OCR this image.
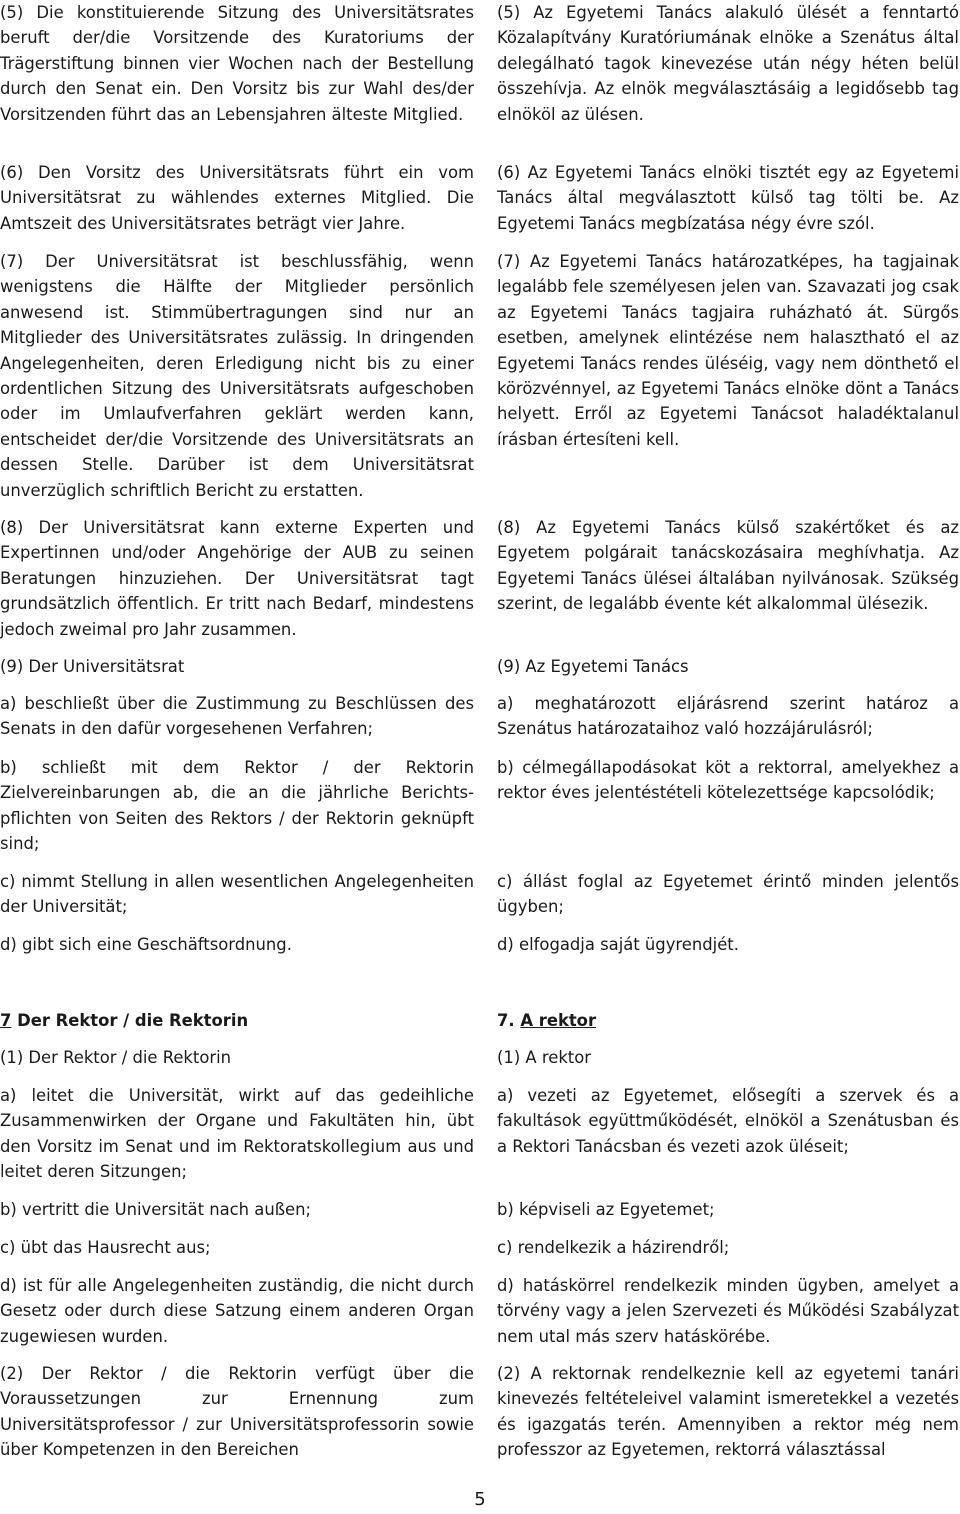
(5) Die konstituierende Sitzung des Universitätsrates beruft der/die Vorsitzende des Kuratoriums der Trägerstiftung binnen vier Wochen nach der Bestellung durch den Senat ein. Den Vorsitz bis zur Wahl des/der Vorsitzenden führt das an Lebensjahren älteste Mitglied.

(6) Den Vorsitz des Universitätsrats führt ein vom Universitätsrat zu wählendes externes Mitglied. Die Amtszeit des Universitätsrates beträgt vier Jahre.

(7) Der Universitätsrat ist beschlussfähig, wenn wenigstens die Hälfte der Mitglieder persönlich anwesend ist. Stimmübertragungen sind nur an Mitglieder des Universitätsrates zulässig. In dringenden Angelegenheiten, deren Erledigung nicht bis zu einer ordentlichen Sitzung des Universitätsrats aufgeschoben oder im Umlaufverfahren geklärt werden kann, entscheidet der/die Vorsitzende des Universitätsrats an dessen Stelle. Darüber ist dem Universitätsrat unverzüglich schriftlich Bericht zu erstatten.

(8) Der Universitätsrat kann externe Experten und Expertinnen und/oder Angehörige der AUB zu seinen Beratungen hinzuziehen. Der Universitätsrat tagt grundsätzlich öffentlich. Er tritt nach Bedarf, mindestens jedoch zweimal pro Jahr zusammen.

(9) Der Universitätsrat

a) beschließt über die Zustimmung zu Beschlüssen des Senats in den dafür vorgesehenen Verfahren;

b) schließt mit dem Rektor / der Rektorin Zielvereinbarungen ab, die an die jährliche Berichts-pflichten von Seiten des Rektors / der Rektorin geknüpft sind;

c) nimmt Stellung in allen wesentlichen Angelegenheiten der Universität;

d) gibt sich eine Geschäftsordnung.

7 Der Rektor / die Rektorin

(1) Der Rektor / die Rektorin

a) leitet die Universität, wirkt auf das gedeihliche Zusammenwirken der Organe und Fakultäten hin, übt den Vorsitz im Senat und im Rektoratskollegium aus und leitet deren Sitzungen;

b) vertritt die Universität nach außen;

c) übt das Hausrecht aus;

d) ist für alle Angelegenheiten zuständig, die nicht durch Gesetz oder durch diese Satzung einem anderen Organ zugewiesen wurden.

(2) Der Rektor / die Rektorin verfügt über die Voraussetzungen zur Ernennung zum Universitätsprofessor / zur Universitätsprofessorin sowie über Kompetenzen in den Bereichen

(5) Az Egyetemi Tanács alakuló ülését a fenntartó Közalapítvány Kuratóriumának elnöke a Szenátus által delegálható tagok kinevezése után négy héten belül összehívja. Az elnök megválasztásáig a legidősebb tag elnököl az ülésen.

(6) Az Egyetemi Tanács elnöki tisztét egy az Egyetemi Tanács által megválasztott külső tag tölti be. Az Egyetemi Tanács megbízatása négy évre szól.

(7) Az Egyetemi Tanács határozatképes, ha tagjainak legalább fele személyesen jelen van. Szavazati jog csak az Egyetemi Tanács tagjaira ruházható át. Sürgős esetben, amelynek elintézése nem halasztható el az Egyetemi Tanács rendes üléséig, vagy nem dönthető el körözvénnyel, az Egyetemi Tanács elnöke dönt a Tanács helyett. Erről az Egyetemi Tanácsot haladéktalanul írásban értesíteni kell.

(8) Az Egyetemi Tanács külső szakértőket és az Egyetem polgárait tanácskozásaira meghívhatja. Az Egyetemi Tanács ülései általában nyilvánosak. Szükség szerint, de legalább évente két alkalommal ülésezik.

(9) Az Egyetemi Tanács

a) meghatározott eljárásrend szerint határoz a Szenátus határozataihoz való hozzájárulásról;

b) célmegállapodásokat köt a rektorral, amelyekhez a rektor éves jelentéstételi kötelezettsége kapcsolódik;

c) állást foglal az Egyetemet érintő minden jelentős ügyben;

d) elfogadja saját ügyrendjét.

7. A rektor

(1) A rektor

a) vezeti az Egyetemet, elősegíti a szervek és a fakultások együttműködését, elnököl a Szenátusban és a Rektori Tanácsban és vezeti azok üléseit;

b) képviseli az Egyetemet;

c) rendelkezik a házirendről;

d) hatáskörrel rendelkezik minden ügyben, amelyet a törvény vagy a jelen Szervezeti és Működési Szabályzat nem utal más szerv hatáskörébe.

(2) A rektornak rendelkeznie kell az egyetemi tanári kinevezés feltételeivel valamint ismeretekkel a vezetés és igazgatás terén. Amennyiben a rektor még nem professzor az Egyetemen, rektorrá választással

5
